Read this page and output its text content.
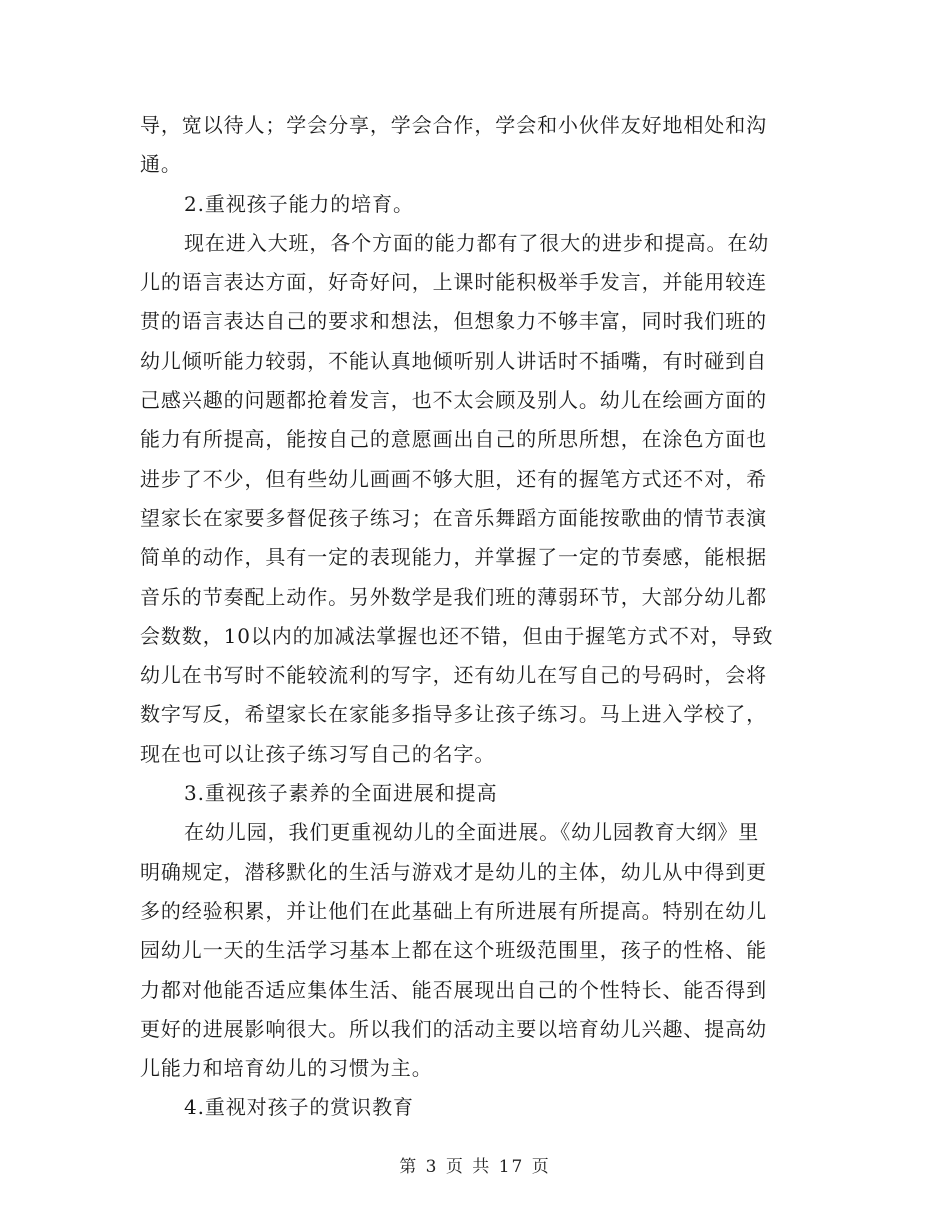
导，宽以待人；学会分享，学会合作，学会和小伙伴友好地相处和沟
通。
2.重视孩子能力的培育。
现在进入大班，各个方面的能力都有了很大的进步和提高。在幼
儿的语言表达方面，好奇好问，上课时能积极举手发言，并能用较连
贯的语言表达自己的要求和想法，但想象力不够丰富，同时我们班的
幼儿倾听能力较弱，不能认真地倾听别人讲话时不插嘴，有时碰到自
己感兴趣的问题都抢着发言，也不太会顾及别人。幼儿在绘画方面的
能力有所提高，能按自己的意愿画出自己的所思所想，在涂色方面也
进步了不少，但有些幼儿画画不够大胆，还有的握笔方式还不对，希
望家长在家要多督促孩子练习；在音乐舞蹈方面能按歌曲的情节表演
简单的动作，具有一定的表现能力，并掌握了一定的节奏感，能根据
音乐的节奏配上动作。另外数学是我们班的薄弱环节，大部分幼儿都
会数数，10以内的加减法掌握也还不错，但由于握笔方式不对，导致
幼儿在书写时不能较流利的写字，还有幼儿在写自己的号码时，会将
数字写反，希望家长在家能多指导多让孩子练习。马上进入学校了，
现在也可以让孩子练习写自己的名字。
3.重视孩子素养的全面进展和提高
在幼儿园，我们更重视幼儿的全面进展。《幼儿园教育大纲》里
明确规定，潜移默化的生活与游戏才是幼儿的主体，幼儿从中得到更
多的经验积累，并让他们在此基础上有所进展有所提高。特别在幼儿
园幼儿一天的生活学习基本上都在这个班级范围里，孩子的性格、能
力都对他能否适应集体生活、能否展现出自己的个性特长、能否得到
更好的进展影响很大。所以我们的活动主要以培育幼儿兴趣、提高幼
儿能力和培育幼儿的习惯为主。
4.重视对孩子的赏识教育
第 3 页 共 17 页
